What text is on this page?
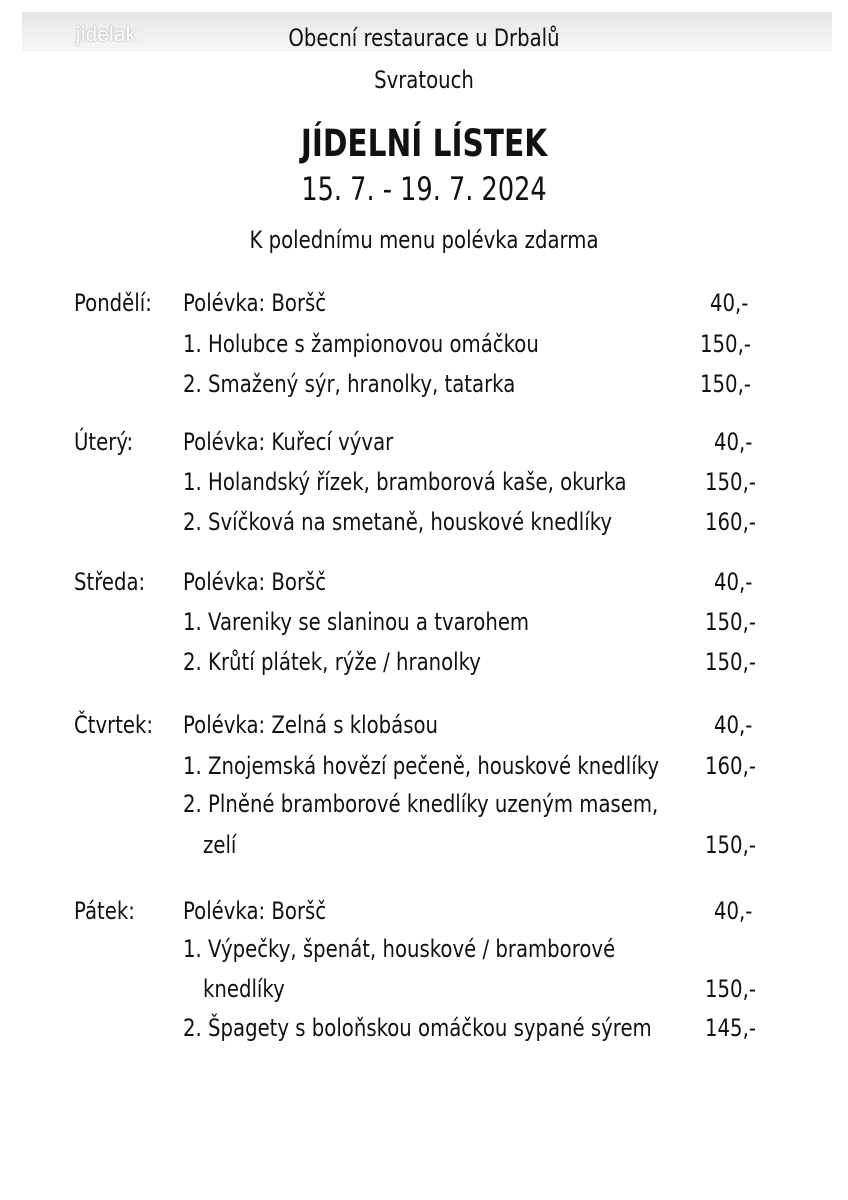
jidelak	Obecní restaurace u Drbalů
Svratouch
JÍDELNÍ LÍSTEK
15. 7. - 19. 7. 2024
K polednímu menu polévka zdarma
Pondělí: Polévka: Boršč	40,-
1. Holubce s žampionovou omáčkou	150,-
2. Smažený sýr, hranolky, tatarka	150,-
Úterý: Polévka: Kuřecí vývar	40,-
1. Holandský řízek, bramborová kaše, okurka	150,-
2. Svíčková na smetaně, houskové knedlíky	160,-
Středa: Polévka: Boršč	40,-
1. Vareniky se slaninou a tvarohem	150,-
2. Krůtí plátek, rýže / hranolky	150,-
Čtvrtek: Polévka: Zelná s klobásou	40,-
1. Znojemská hovězí pečeně, houskové knedlíky 160,-
2. Plněné bramborové knedlíky uzeným masem,
zelí	150,-
Pátek: Polévka: Boršč	40,-
1. Výpečky, špenát, houskové / bramborové
knedlíky	150,-
2. Špagety s boloňskou omáčkou sypané sýrem 145,-
